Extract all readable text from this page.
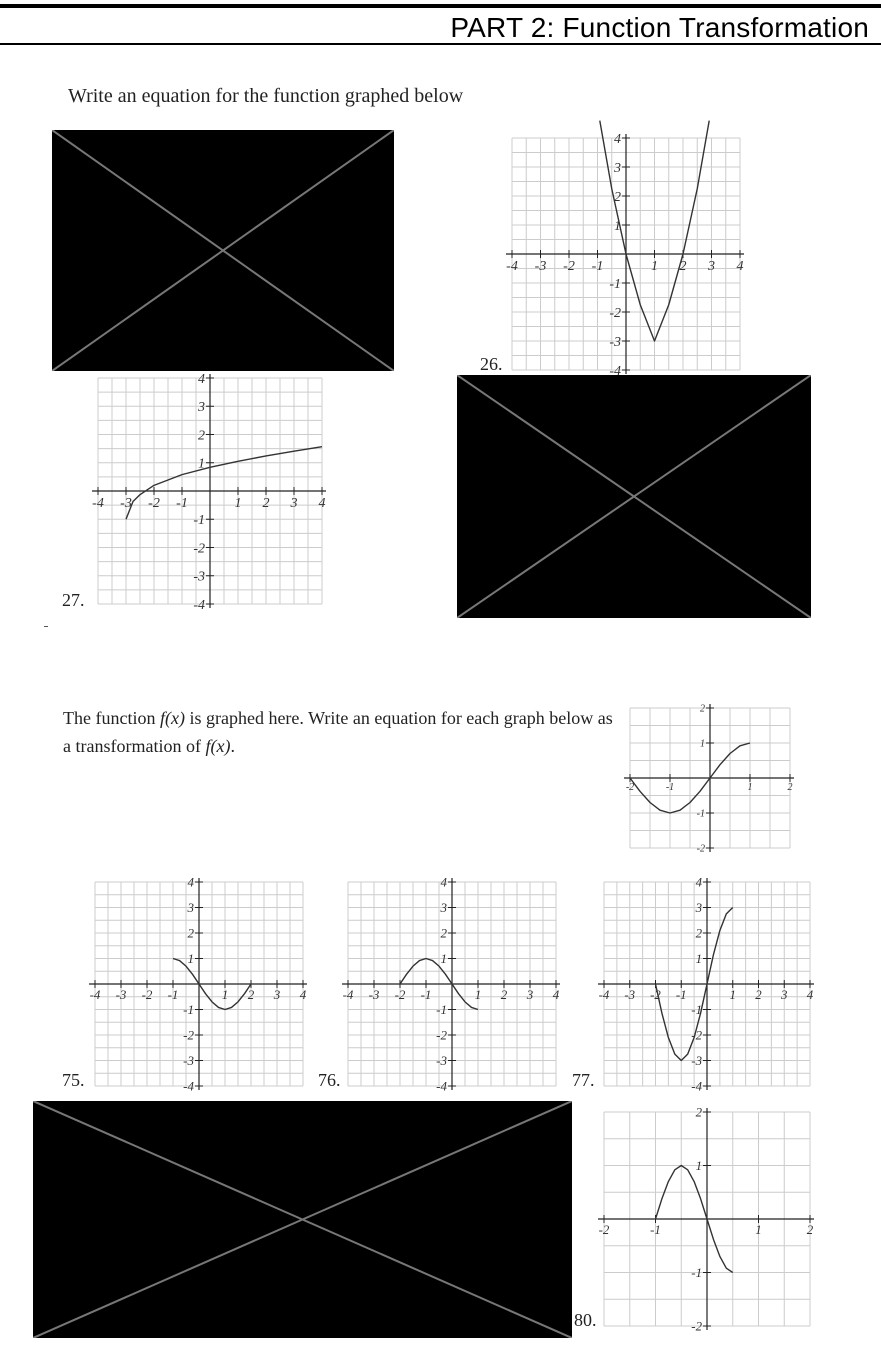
PART 2: Function Transformation
Write an equation for the function graphed below
-4 -3 -2 -1	1 2 3 4
-4
-3
-2
-1
1
2
3
4
26.
-4 -3 -2 -1	1 2 3 4
-4
-3
-2
-1
1
2
3
4
27.
The function f(x) is graphed here. Write an equation for each graph below as a transformation of f(x).
-2	-1	1	2
-2
-1
1
2
-4 -3 -2 -1	1 2 3 4
-4
-3
-2
-1
1
2
3
4
75.
-4 -3 -2 -1	1 2 3 4
-4
-3
-2
-1
1
2
3
4
76.
-4 -3 -2 -1	1 2 3 4
-4
-3
-2
-1
1
2
3
4
77.
-2	-1	1	2
-2
-1
1
2
80.
